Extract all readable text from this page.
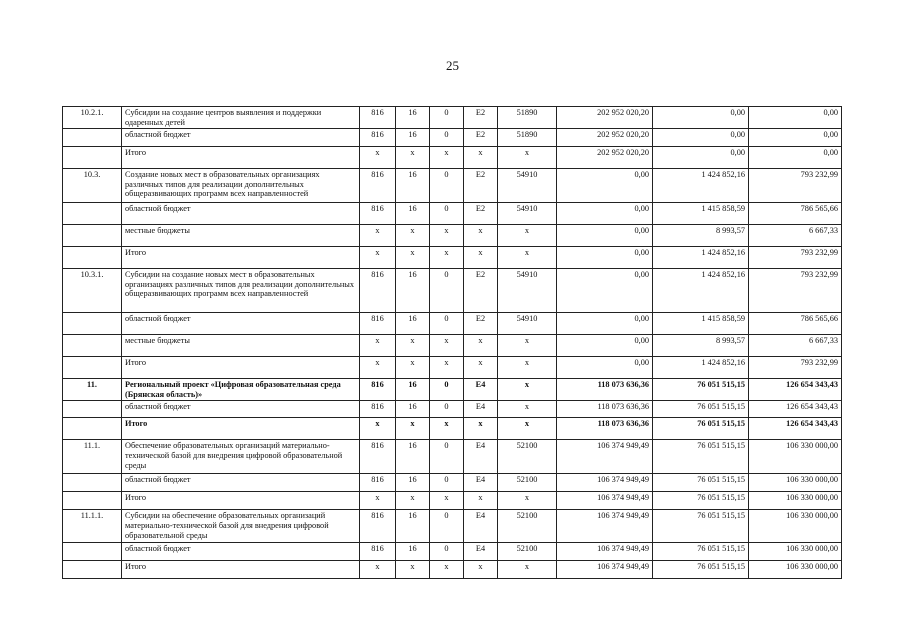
25
10.2.1.	Субсидии на создание центров выявления и поддержки одаренных детей	816	16	0	E2	51890	202 952 020,20	0,00	0,00
	областной бюджет	816	16	0	E2	51890	202 952 020,20	0,00	0,00
	Итого	х	х	х	х	х	202 952 020,20	0,00	0,00
10.3.	Создание новых мест в образовательных организациях различных типов для реализации дополнительных общеразвивающих программ всех направленностей	816	16	0	E2	54910	0,00	1 424 852,16	793 232,99
	областной бюджет	816	16	0	E2	54910	0,00	1 415 858,59	786 565,66
	местные бюджеты	х	х	х	х	х	0,00	8 993,57	6 667,33
	Итого	х	х	х	х	х	0,00	1 424 852,16	793 232,99
10.3.1.	Субсидии на создание новых мест в образовательных организациях различных типов для реализации дополнительных общеразвивающих программ всех направленностей	816	16	0	E2	54910	0,00	1 424 852,16	793 232,99
	областной бюджет	816	16	0	E2	54910	0,00	1 415 858,59	786 565,66
	местные бюджеты	х	х	х	х	х	0,00	8 993,57	6 667,33
	Итого	х	х	х	х	х	0,00	1 424 852,16	793 232,99
11.	Региональный проект «Цифровая образовательная среда (Брянская область)»	816	16	0	E4	х	118 073 636,36	76 051 515,15	126 654 343,43
	областной бюджет	816	16	0	E4	х	118 073 636,36	76 051 515,15	126 654 343,43
	Итого	х	х	х	х	х	118 073 636,36	76 051 515,15	126 654 343,43
11.1.	Обеспечение образовательных организаций материально-технической базой для внедрения цифровой образовательной среды	816	16	0	E4	52100	106 374 949,49	76 051 515,15	106 330 000,00
	областной бюджет	816	16	0	E4	52100	106 374 949,49	76 051 515,15	106 330 000,00
	Итого	х	х	х	х	х	106 374 949,49	76 051 515,15	106 330 000,00
11.1.1.	Субсидии на обеспечение образовательных организаций материально-технической базой для внедрения цифровой образовательной среды	816	16	0	E4	52100	106 374 949,49	76 051 515,15	106 330 000,00
	областной бюджет	816	16	0	E4	52100	106 374 949,49	76 051 515,15	106 330 000,00
	Итого	х	х	х	х	х	106 374 949,49	76 051 515,15	106 330 000,00
